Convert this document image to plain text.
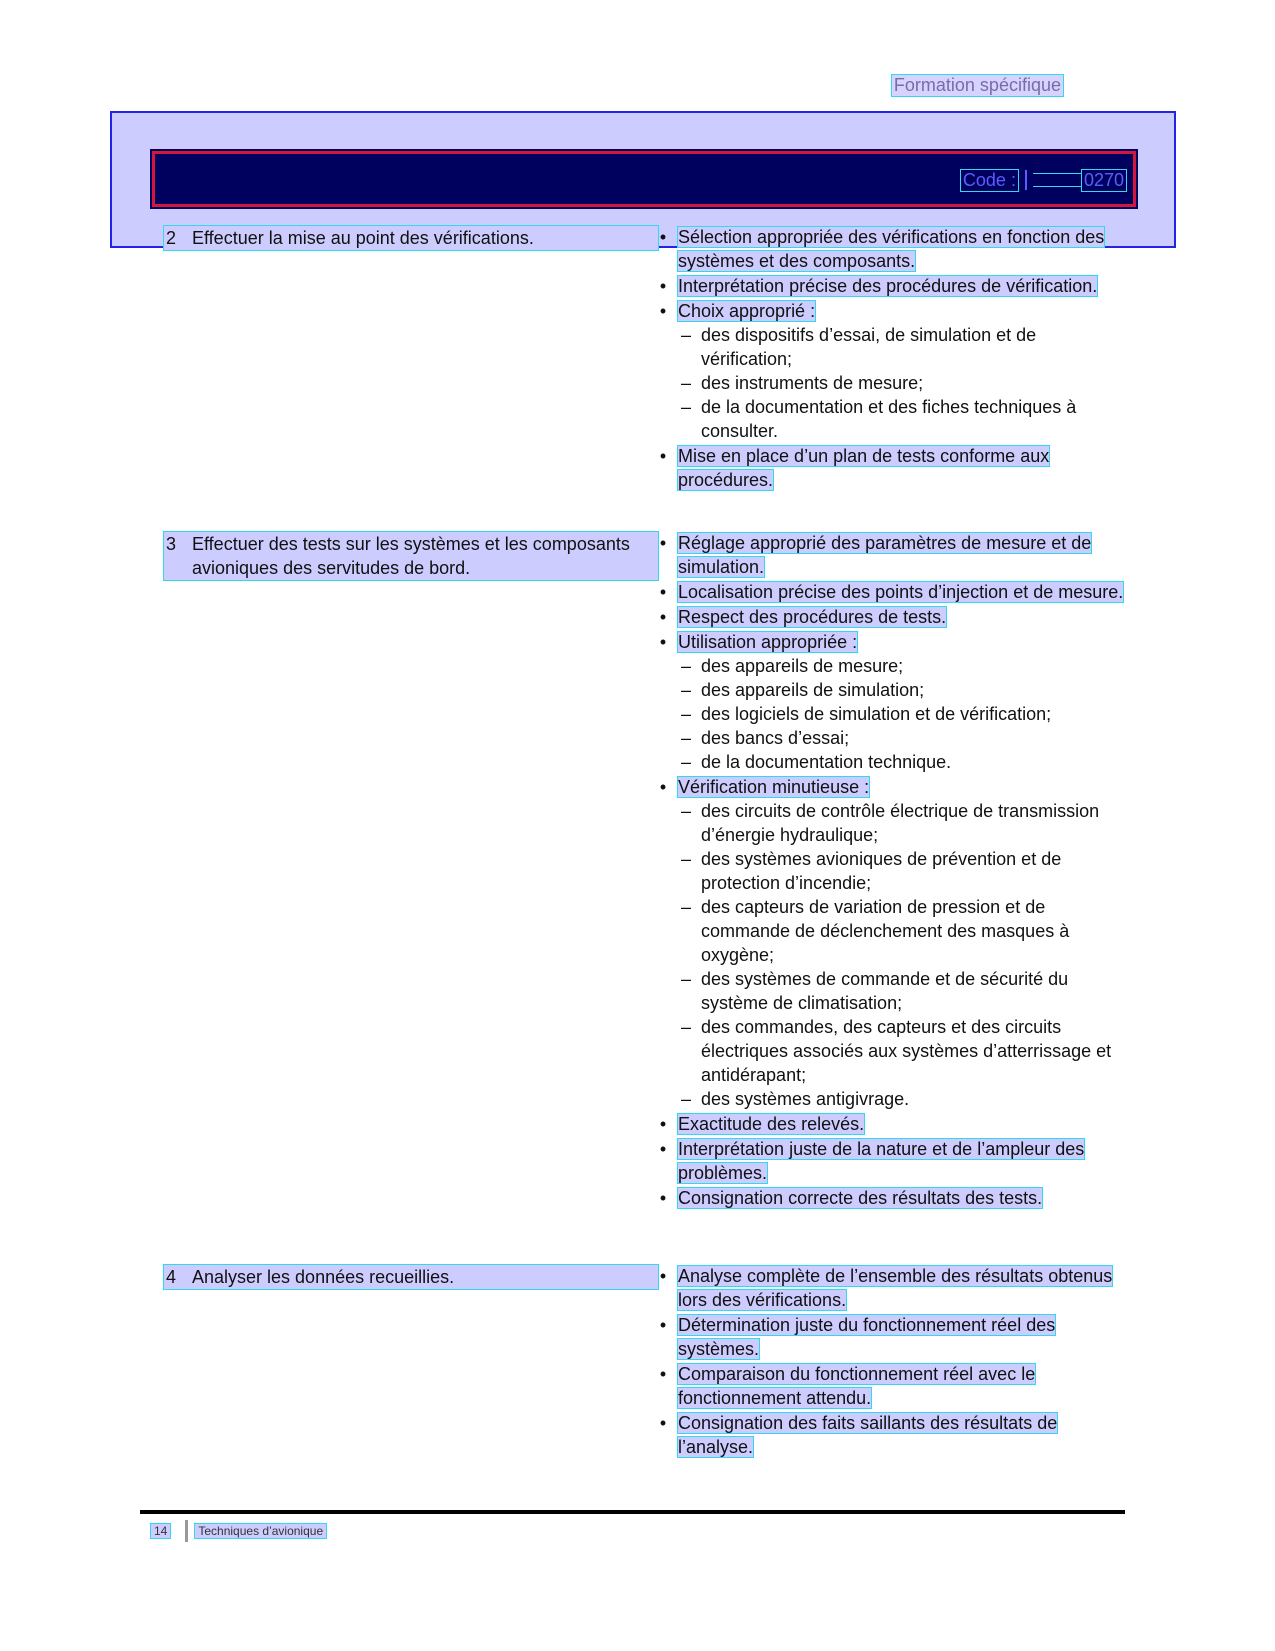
Formation spécifique
Code :	0270
2 Effectuer la mise au point des vérifications.	• Sélection appropriée des vérifications en fonction des systèmes et des composants.
• Interprétation précise des procédures de vérification.
• Choix approprié :
– des dispositifs d’essai, de simulation et de vérification;
– des instruments de mesure;
– de la documentation et des fiches techniques à consulter.
• Mise en place d’un plan de tests conforme aux procédures.
3 Effectuer des tests sur les systèmes et les composants avioniques des servitudes de bord.
• Réglage approprié des paramètres de mesure et de simulation.
• Localisation précise des points d’injection et de mesure.
• Respect des procédures de tests.
• Utilisation appropriée :
– des appareils de mesure;
– des appareils de simulation;
– des logiciels de simulation et de vérification;
– des bancs d’essai;
– de la documentation technique.
• Vérification minutieuse :
– des circuits de contrôle électrique de transmission d’énergie hydraulique;
– des systèmes avioniques de prévention et de protection d’incendie;
– des capteurs de variation de pression et de commande de déclenchement des masques à oxygène;
– des systèmes de commande et de sécurité du système de climatisation;
– des commandes, des capteurs et des circuits électriques associés aux systèmes d’atterrissage et antidérapant;
– des systèmes antigivrage.
• Exactitude des relevés.
• Interprétation juste de la nature et de l’ampleur des problèmes.
• Consignation correcte des résultats des tests.
4 Analyser les données recueillies.	• Analyse complète de l’ensemble des résultats obtenus lors des vérifications.
• Détermination juste du fonctionnement réel des systèmes.
• Comparaison du fonctionnement réel avec le fonctionnement attendu.
• Consignation des faits saillants des résultats de l’analyse.
14	Techniques d’avionique
